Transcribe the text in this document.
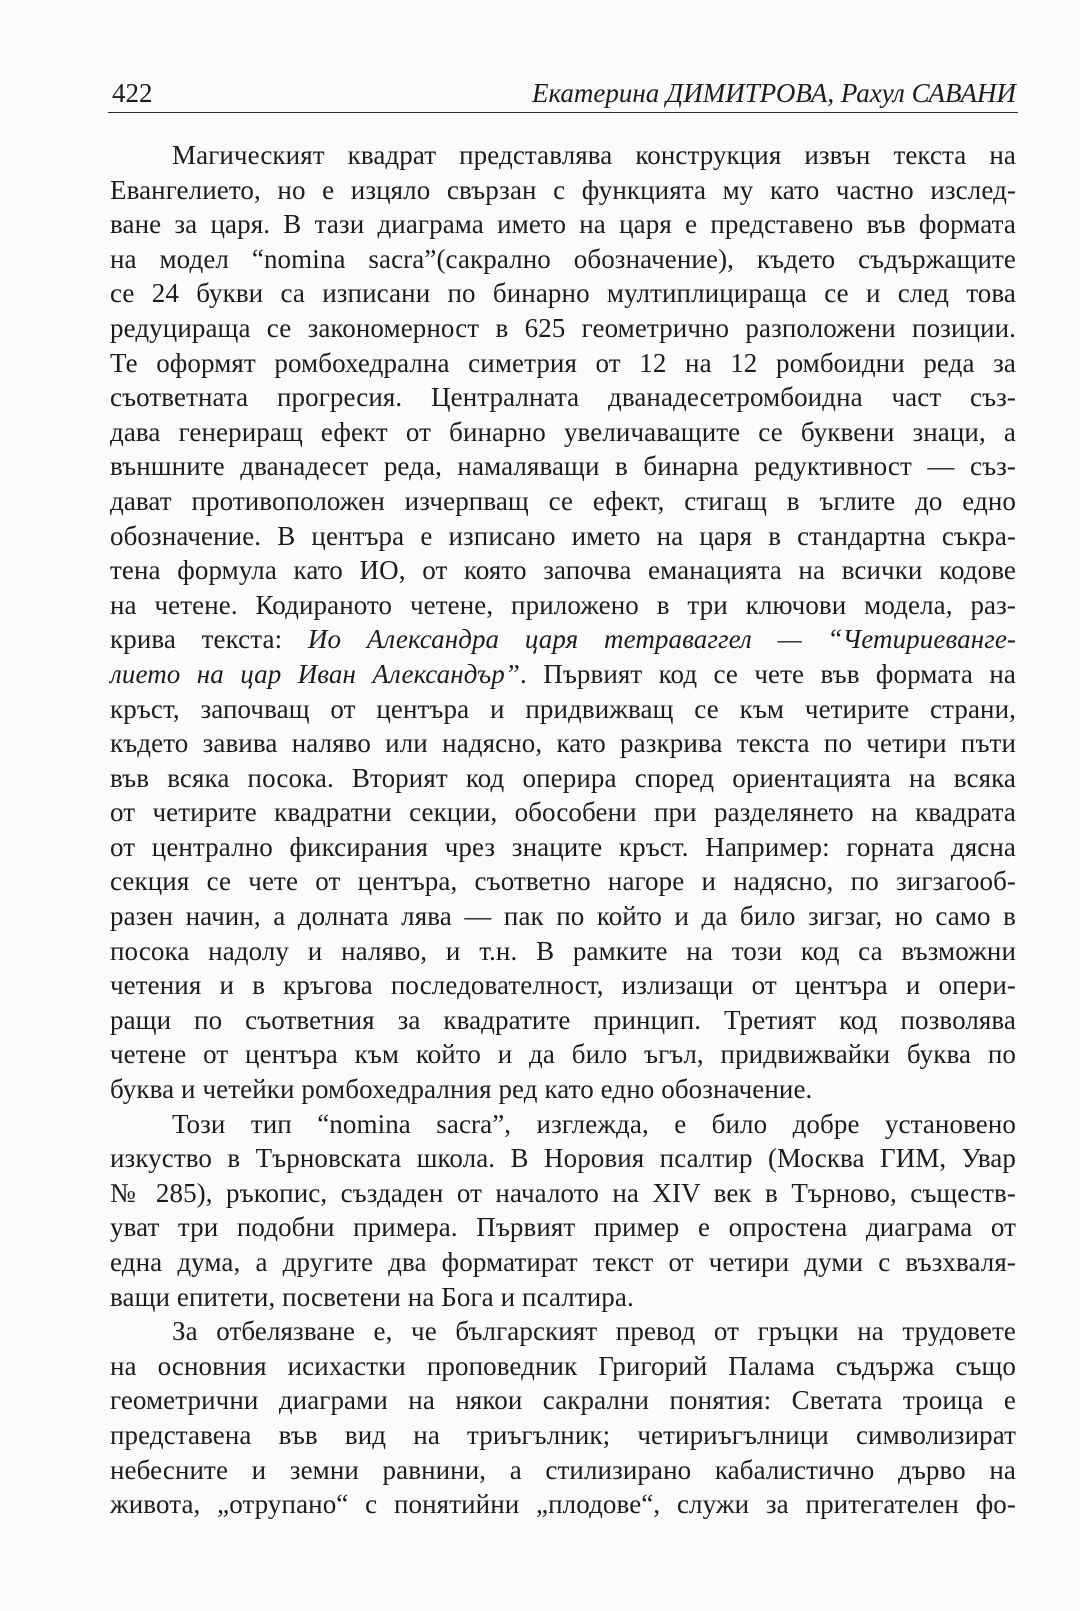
422	Екатерина ДИМИТРОВА, Рахул САВАНИ

Магическият квадрат представлява конструкция извън текста на
Евангелието, но е изцяло свързан с функцията му като частно изслед-
ване за царя. В тази диаграма името на царя е представено във формата
на модел “nomina sacra”(сакрално обозначение), където съдържащите
се 24 букви са изписани по бинарно мултиплицираща се и след това
редуцираща се закономерност в 625 геометрично разположени позиции.
Те оформят ромбохедрална симетрия от 12 на 12 ромбоидни реда за
съответната прогресия. Централната дванадесетромбоидна част съз-
дава генериращ ефект от бинарно увеличаващите се буквени знаци, а
външните дванадесет реда, намаляващи в бинарна редуктивност — съз-
дават противоположен изчерпващ се ефект, стигащ в ъглите до едно
обозначение. В центъра е изписано името на царя в стандартна съкра-
тена формула като ИО, от която започва еманацията на всички кодове
на четене. Кодираното четене, приложено в три ключови модела, раз-
крива текста: Ио Александра царя тетраваггел — “Четириеванге-
лието на цар Иван Александър”. Първият код се чете във формата на
кръст, започващ от центъра и придвижващ се към четирите страни,
където завива наляво или надясно, като разкрива текста по четири пъти
във всяка посока. Вторият код оперира според ориентацията на всяка
от четирите квадратни секции, обособени при разделянето на квадрата
от централно фиксирания чрез знаците кръст. Например: горната дясна
секция се чете от центъра, съответно нагоре и надясно, по зигзагооб-
разен начин, а долната лява — пак по който и да било зигзаг, но само в
посока надолу и наляво, и т.н. В рамките на този код са възможни
четения и в кръгова последователност, излизащи от центъра и опери-
ращи по съответния за квадратите принцип. Третият код позволява
четене от центъра към който и да било ъгъл, придвижвайки буква по
буква и четейки ромбохедралния ред като едно обозначение.

Този тип “nomina sacra”, изглежда, е било добре установено
изкуство в Търновската школа. В Норовия псалтир (Москва ГИМ, Увар
№ 285), ръкопис, създаден от началото на XIV век в Търново, съществ-
уват три подобни примера. Първият пример е опростена диаграма от
една дума, а другите два форматират текст от четири думи с възхваля-
ващи епитети, посветени на Бога и псалтира.

За отбелязване е, че българският превод от гръцки на трудовете
на основния исихастки проповедник Григорий Палама съдържа също
геометрични диаграми на някои сакрални понятия: Светата троица е
представена във вид на триъгълник; четириъгълници символизират
небесните и земни равнини, а стилизирано кабалистично дърво на
живота, „отрупано“ с понятийни „плодове“, служи за притегателен фо-
